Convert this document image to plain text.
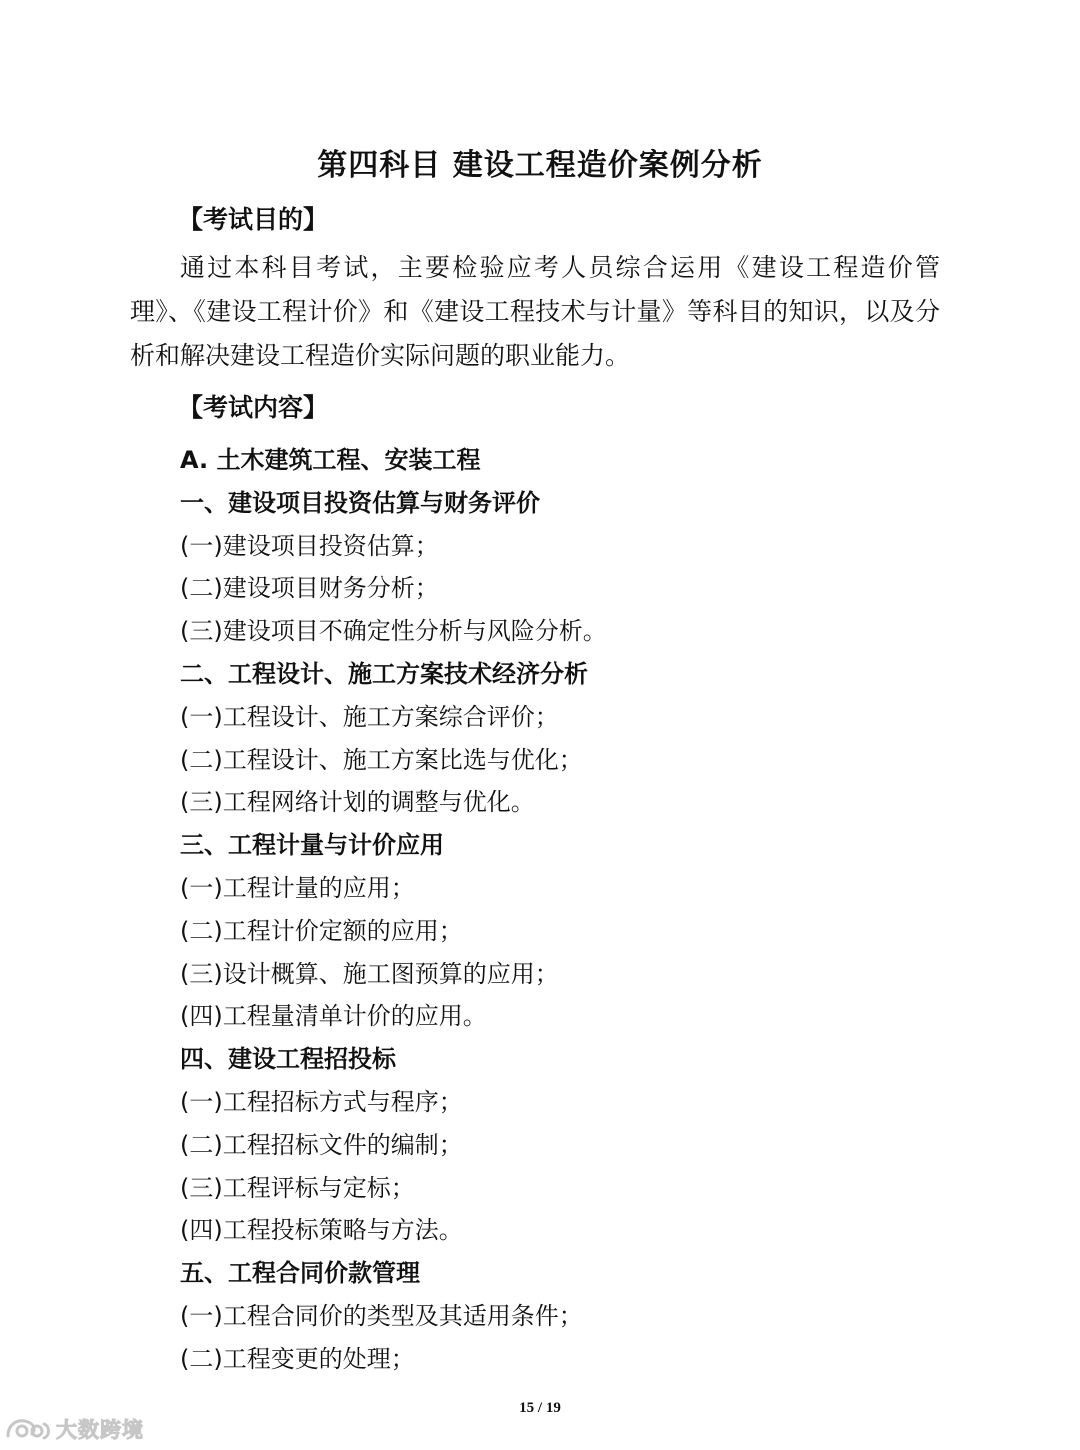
第四科目 建设工程造价案例分析
【考试目的】
通过本科目考试，主要检验应考人员综合运用《建设工程造价管理》、《建设工程计价》和《建设工程技术与计量》等科目的知识，以及分析和解决建设工程造价实际问题的职业能力。
【考试内容】
A. 土木建筑工程、安装工程
一、建设项目投资估算与财务评价
(一)建设项目投资估算；
(二)建设项目财务分析；
(三)建设项目不确定性分析与风险分析。
二、工程设计、施工方案技术经济分析
(一)工程设计、施工方案综合评价；
(二)工程设计、施工方案比选与优化；
(三)工程网络计划的调整与优化。
三、工程计量与计价应用
(一)工程计量的应用；
(二)工程计价定额的应用；
(三)设计概算、施工图预算的应用；
(四)工程量清单计价的应用。
四、建设工程招投标
(一)工程招标方式与程序；
(二)工程招标文件的编制；
(三)工程评标与定标；
(四)工程投标策略与方法。
五、工程合同价款管理
(一)工程合同价的类型及其适用条件；
(二)工程变更的处理；
15 / 19
大数跨境
